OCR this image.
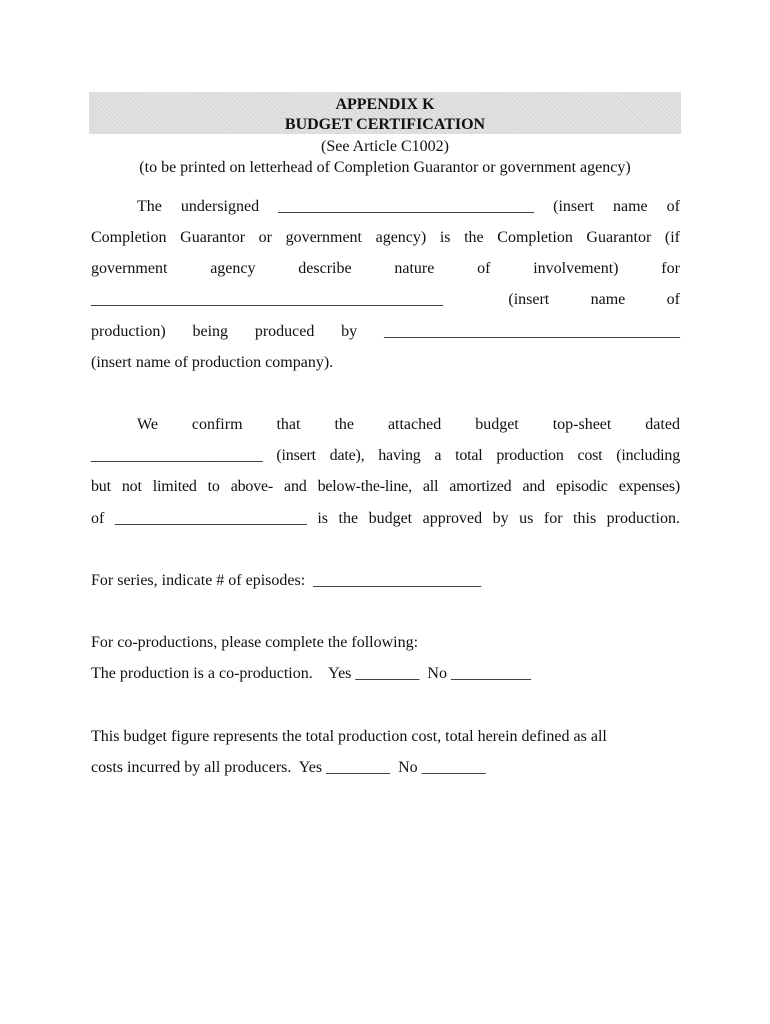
APPENDIX K
BUDGET CERTIFICATION
(See Article C1002)
(to be printed on letterhead of Completion Guarantor or government agency)
The undersigned ________________________________ (insert name of
Completion Guarantor or government agency) is the Completion Guarantor (if
government	agency	describe	nature	of	involvement)	for
____________________________________________	(insert	name	of
production) being produced by _____________________________________
(insert name of production company).
We confirm that the attached budget top-sheet dated
______________________ (insert date), having a total production cost (including
but not limited to above- and below-the-line, all amortized and episodic expenses)
of ________________________ is the budget approved by us for this production.
For series, indicate # of episodes:  _____________________
For co-productions, please complete the following:
The production is a co-production.    Yes ________  No __________
This budget figure represents the total production cost, total herein defined as all
costs incurred by all producers.  Yes ________  No ________
